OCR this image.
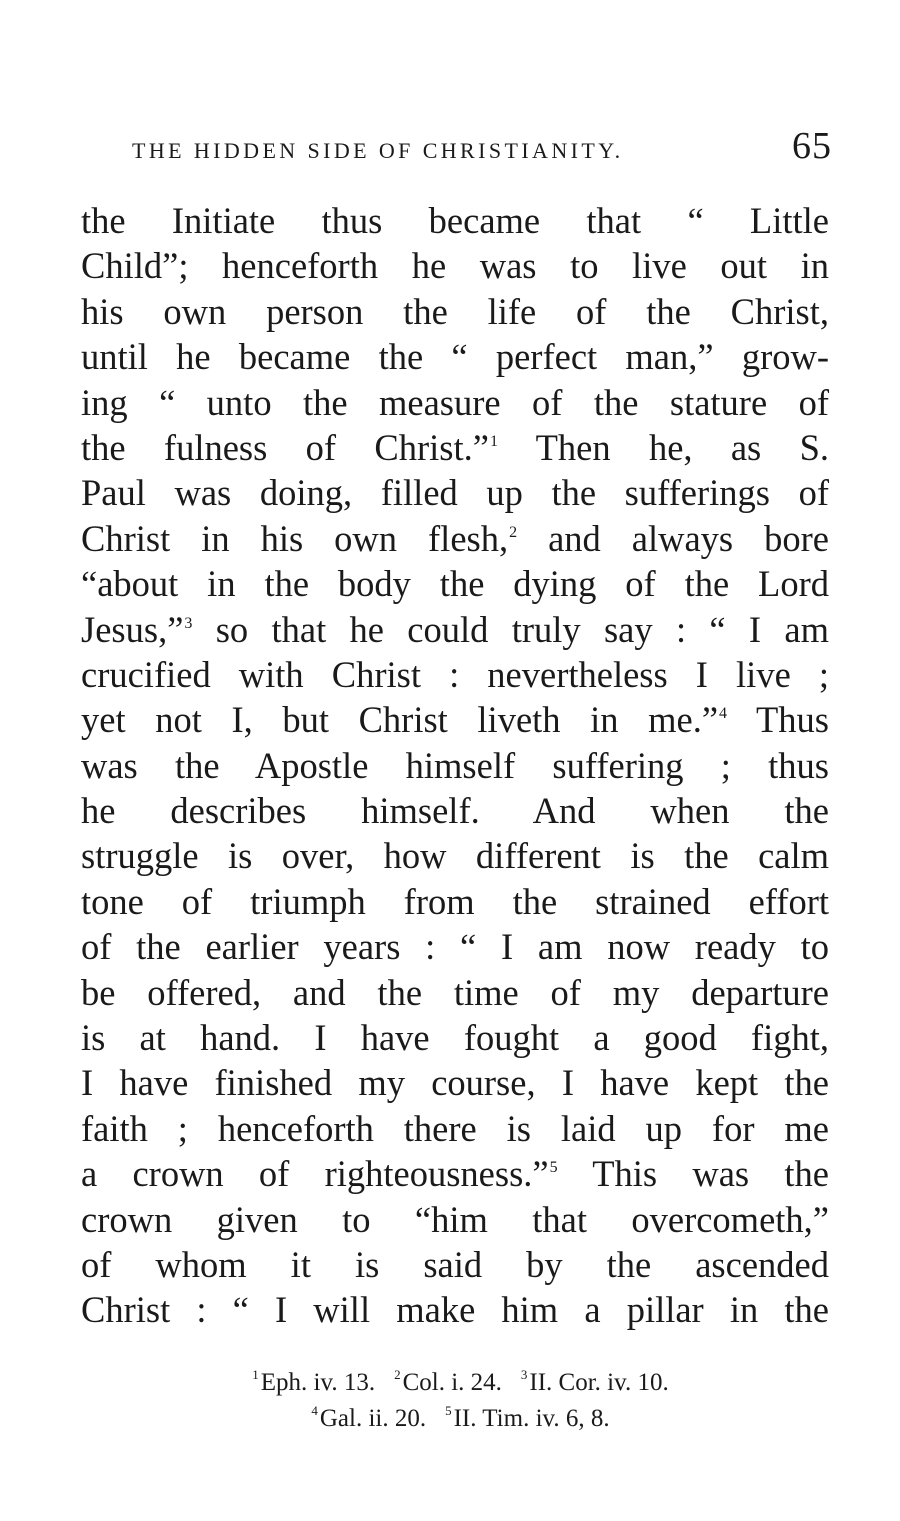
THE HIDDEN SIDE OF CHRISTIANITY.	65
the Initiate thus became that “ Little
Child”; henceforth he was to live out in
his own person the life of the Christ,
until he became the “ perfect man,” grow-
ing “ unto the measure of the stature of
the fulness of Christ.”$^1$ Then he, as S.
Paul was doing, filled up the sufferings of
Christ in his own flesh,$^2$ and always bore
“about in the body the dying of the Lord
Jesus,”$^3$ so that he could truly say : “ I am
crucified with Christ : nevertheless I live ;
yet not I, but Christ liveth in me.”$^4$ Thus
was the Apostle himself suffering ; thus
he describes himself. And when the
struggle is over, how different is the calm
tone of triumph from the strained effort
of the earlier years : “ I am now ready to
be offered, and the time of my departure
is at hand. I have fought a good fight,
I have finished my course, I have kept the
faith ; henceforth there is laid up for me
a crown of righteousness.”$^5$ This was the
crown given to “him that overcometh,”
of whom it is said by the ascended
Christ : “ I will make him a pillar in the
$^1$Eph. iv. 13. $^2$Col. i. 24. $^3$II. Cor. iv. 10.
$^4$Gal. ii. 20. $^5$II. Tim. iv. 6, 8.
